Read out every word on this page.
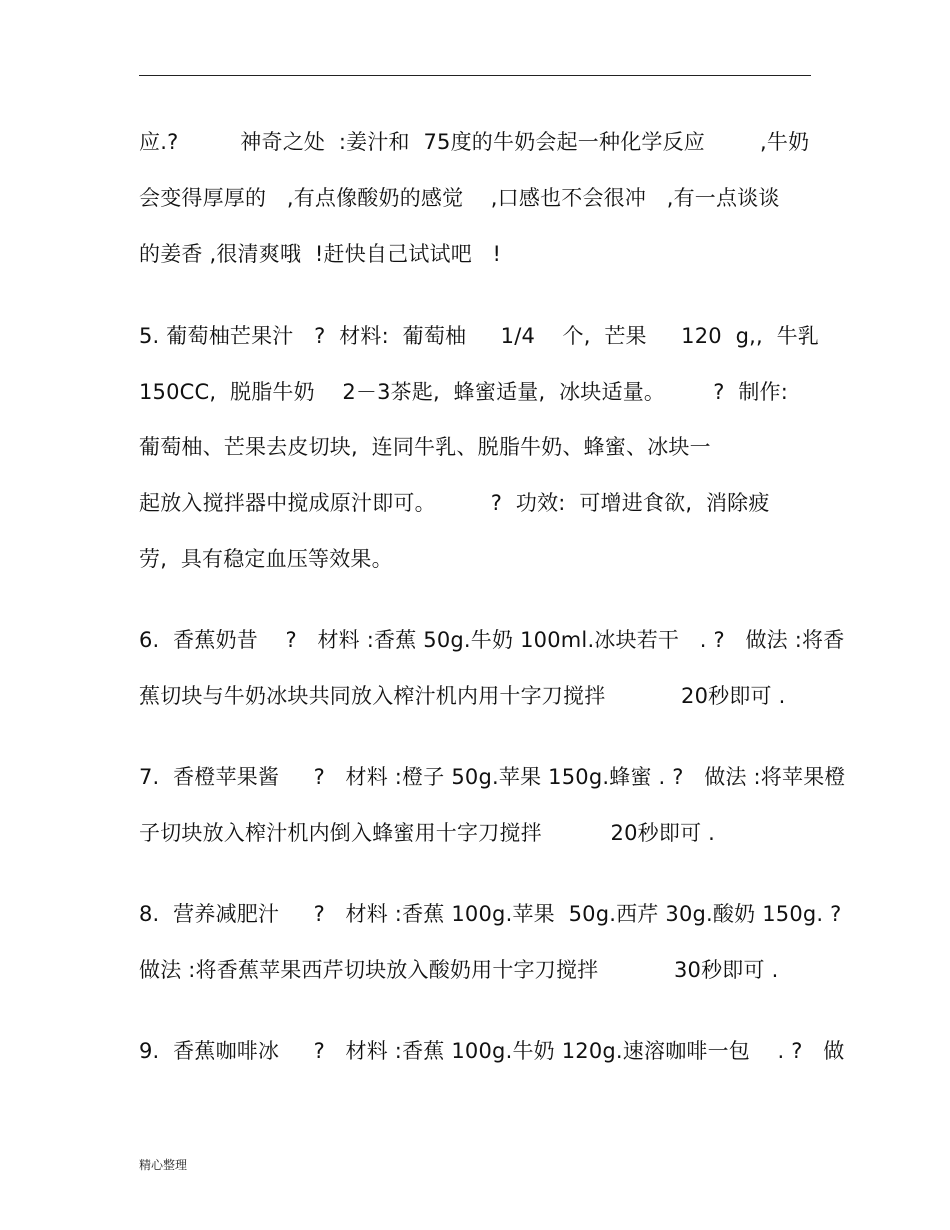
应.?         神奇之处  :姜汁和  75度的牛奶会起一种化学反应        ,牛奶
会变得厚厚的   ,有点像酸奶的感觉    ,口感也不会很冲   ,有一点谈谈
的姜香 ,很清爽哦  !赶快自己试试吧   !
5. 葡萄柚芒果汁   ?  材料:  葡萄柚     1/4    个,  芒果     120  g,,  牛乳
150CC,  脱脂牛奶    2－3茶匙,  蜂蜜适量,  冰块适量。       ?  制作:
葡萄柚、芒果去皮切块,  连同牛乳、脱脂牛奶、蜂蜜、冰块一
起放入搅拌器中搅成原汁即可。        ?  功效:  可增进食欲,  消除疲
劳,  具有稳定血压等效果。
6.  香蕉奶昔    ?   材料 :香蕉 50g.牛奶 100ml.冰块若干   . ?   做法 :将香
蕉切块与牛奶冰块共同放入榨汁机内用十字刀搅拌           20秒即可 .
7.  香橙苹果酱     ?   材料 :橙子 50g.苹果 150g.蜂蜜 . ?   做法 :将苹果橙
子切块放入榨汁机内倒入蜂蜜用十字刀搅拌          20秒即可 .
8.  营养减肥汁     ?   材料 :香蕉 100g.苹果  50g.西芹 30g.酸奶 150g. ?
做法 :将香蕉苹果西芹切块放入酸奶用十字刀搅拌           30秒即可 .
9.  香蕉咖啡冰     ?   材料 :香蕉 100g.牛奶 120g.速溶咖啡一包    . ?   做
精心整理
